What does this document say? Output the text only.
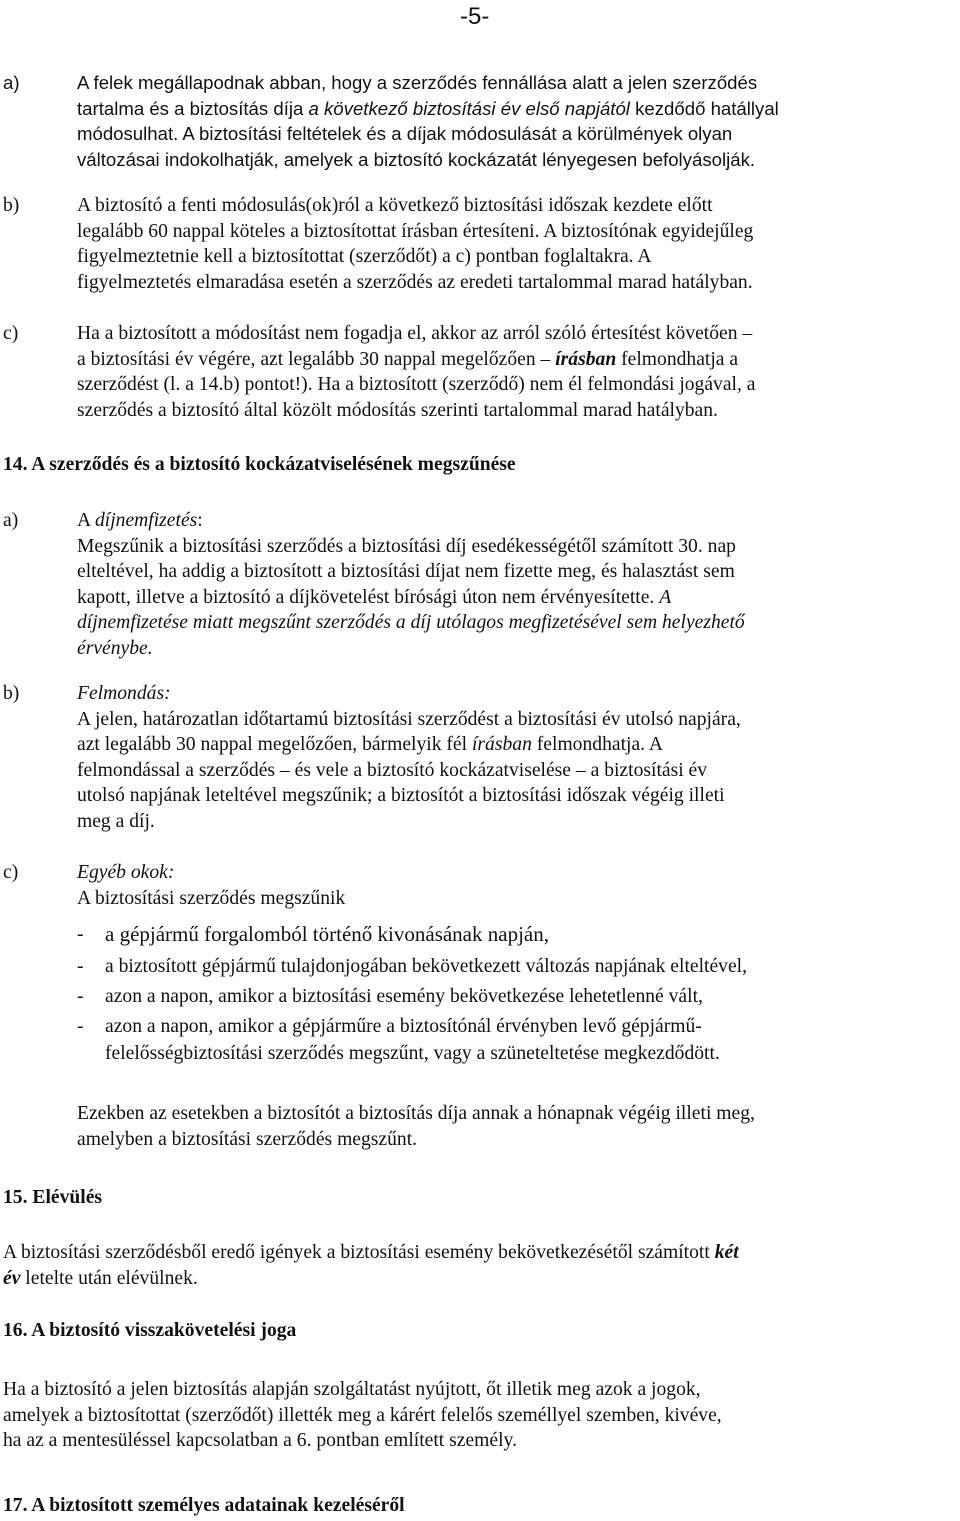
-5-
a)	A felek megállapodnak abban, hogy a szerződés fennállása alatt a jelen szerződés
tartalma és a biztosítás díja a következő biztosítási év első napjától kezdődő hatállyal
módosulhat. A biztosítási feltételek és a díjak módosulását a körülmények olyan
változásai indokolhatják, amelyek a biztosító kockázatát lényegesen befolyásolják.
b)	A biztosító a fenti módosulás(ok)ról a következő biztosítási időszak kezdete előtt
legalább 60 nappal köteles a biztosítottat írásban értesíteni. A biztosítónak egyidejűleg
figyelmeztetnie kell a biztosítottat (szerződőt) a c) pontban foglaltakra. A
figyelmeztetés elmaradása esetén a szerződés az eredeti tartalommal marad hatályban.
c)	Ha a biztosított a módosítást nem fogadja el, akkor az arról szóló értesítést követően –
a biztosítási év végére, azt legalább 30 nappal megelőzően – írásban felmondhatja a
szerződést (l. a 14.b) pontot!). Ha a biztosított (szerződő) nem él felmondási jogával, a
szerződés a biztosító által közölt módosítás szerinti tartalommal marad hatályban.
14. A szerződés és a biztosító kockázatviselésének megszűnése
a)	A díjnemfizetés:
Megszűnik a biztosítási szerződés a biztosítási díj esedékességétől számított 30. nap
elteltével, ha addig a biztosított a biztosítási díjat nem fizette meg, és halasztást sem
kapott, illetve a biztosító a díjkövetelést bírósági úton nem érvényesítette. A
díjnemfizetése miatt megszűnt szerződés a díj utólagos megfizetésével sem helyezhető
érvénybe.
b)	Felmondás:
A jelen, határozatlan időtartamú biztosítási szerződést a biztosítási év utolsó napjára,
azt legalább 30 nappal megelőzően, bármelyik fél írásban felmondhatja. A
felmondással a szerződés – és vele a biztosító kockázatviselése – a biztosítási év
utolsó napjának leteltével megszűnik; a biztosítót a biztosítási időszak végéig illeti
meg a díj.
c)	Egyéb okok:
A biztosítási szerződés megszűnik
- a gépjármű forgalomból történő kivonásának napján,
- a biztosított gépjármű tulajdonjogában bekövetkezett változás napjának elteltével,
- azon a napon, amikor a biztosítási esemény bekövetkezése lehetetlenné vált,
- azon a napon, amikor a gépjárműre a biztosítónál érvényben levő gépjármű-
felelősségbiztosítási szerződés megszűnt, vagy a szüneteltetése megkezdődött.
Ezekben az esetekben a biztosítót a biztosítás díja annak a hónapnak végéig illeti meg,
amelyben a biztosítási szerződés megszűnt.
15. Elévülés
A biztosítási szerződésből eredő igények a biztosítási esemény bekövetkezésétől számított két
év letelte után elévülnek.
16. A biztosító visszakövetelési joga
Ha a biztosító a jelen biztosítás alapján szolgáltatást nyújtott, őt illetik meg azok a jogok,
amelyek a biztosítottat (szerződőt) illették meg a kárért felelős személlyel szemben, kivéve,
ha az a mentesüléssel kapcsolatban a 6. pontban említett személy.
17. A biztosított személyes adatainak kezeléséről
